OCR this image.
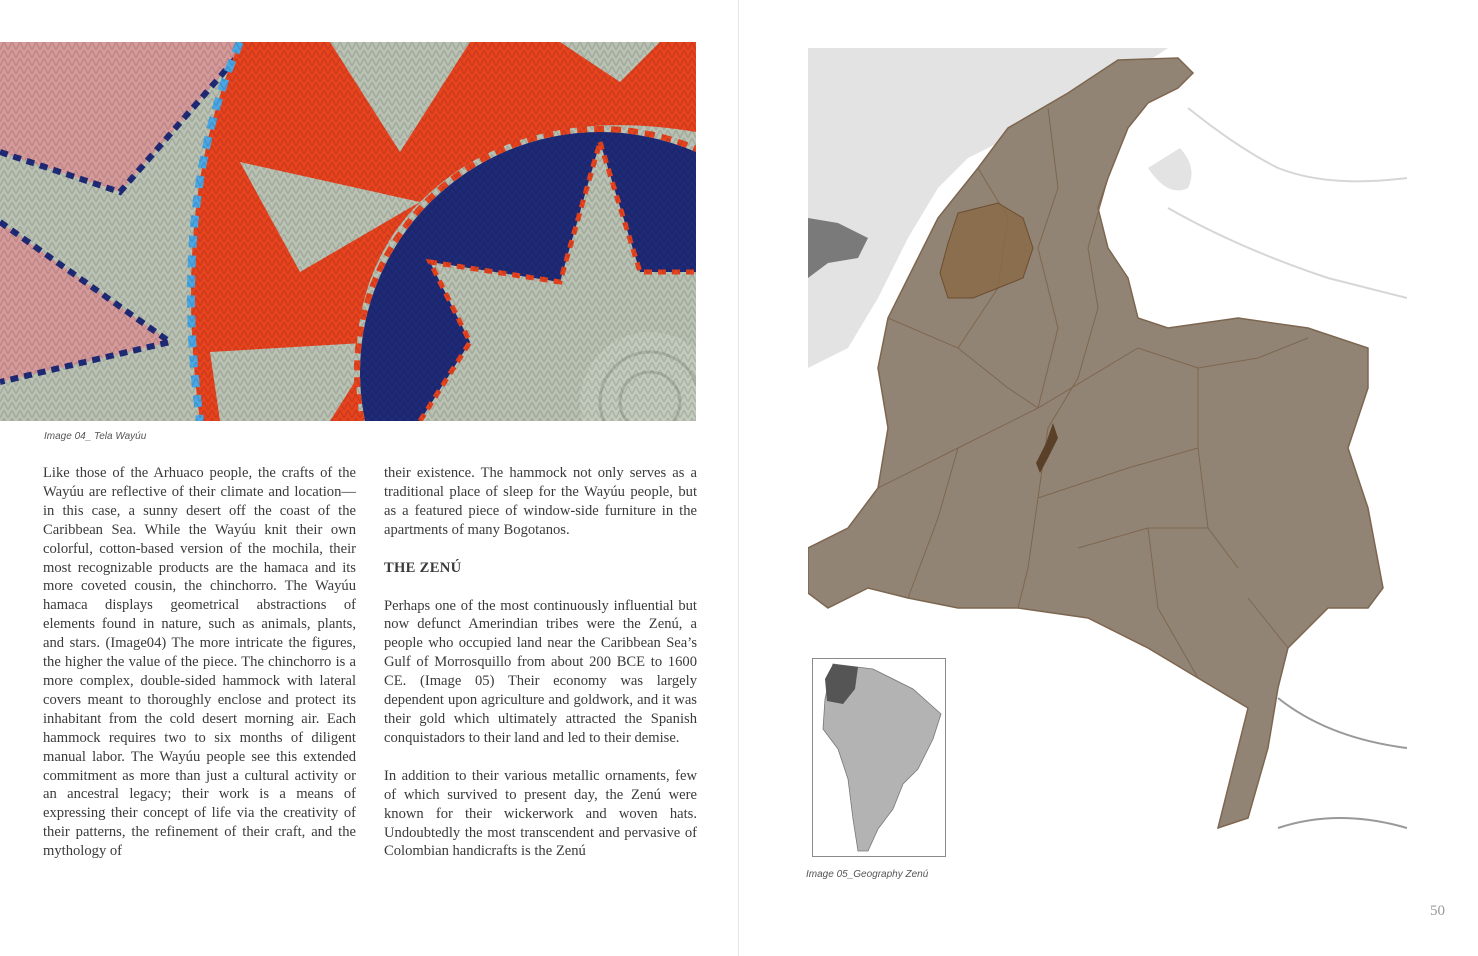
Image 04_ Tela Wayúu

Like those of the Arhuaco people, the crafts of the Wayúu are reflective of their climate and location—in this case, a sunny desert off the coast of the Caribbean Sea. While the Wayúu knit their own colorful, cotton-based version of the mochila, their most recognizable products are the hamaca and its more coveted cousin, the chinchorro. The Wayúu hamaca displays geometrical abstractions of elements found in nature, such as animals, plants, and stars. (Image04) The more intricate the figures, the higher the value of the piece. The chinchorro is a more complex, double-sided hammock with lateral covers meant to thoroughly enclose and protect its inhabitant from the cold desert morning air. Each hammock requires two to six months of diligent manual labor. The Wayúu people see this extended commitment as more than just a cultural activity or an ancestral legacy; their work is a means of expressing their concept of life via the creativity of their patterns, the refinement of their craft, and the mythology of

their existence. The hammock not only serves as a traditional place of sleep for the Wayúu people, but as a featured piece of window-side furniture in the apartments of many Bogotanos.

THE ZENÚ

Perhaps one of the most continuously influential but now defunct Amerindian tribes were the Zenú, a people who occupied land near the Caribbean Sea’s Gulf of Morrosquillo from about 200 BCE to 1600 CE. (Image 05) Their economy was largely dependent upon agriculture and goldwork, and it was their gold which ultimately attracted the Spanish conquistadors to their land and led to their demise.

In addition to their various metallic ornaments, few of which survived to present day, the Zenú were known for their wickerwork and woven hats. Undoubtedly the most transcendent and pervasive of Colombian handicrafts is the Zenú

Image 05_Geography Zenú
50
